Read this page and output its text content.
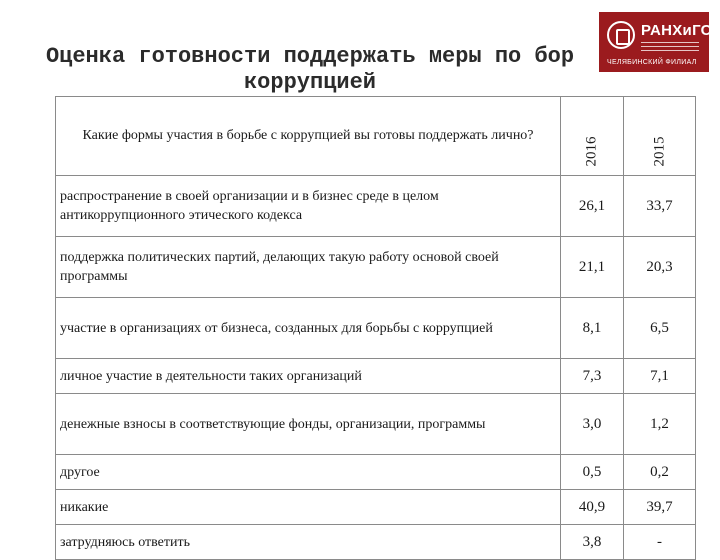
Оценка готовности поддержать меры по бор
коррупцией
РАНХиГС
ЧЕЛЯБИНСКИЙ ФИЛИАЛ
Какие формы участия в борьбе с коррупцией вы готовы поддержать лично?	2016	2015

распространение в своей организации и в бизнес среде в целом антикоррупционного этического кодекса	26,1	33,7
поддержка политических партий, делающих такую работу основой своей программы	21,1	20,3
участие в организациях от бизнеса, созданных для борьбы с коррупцией	8,1	6,5
личное участие в деятельности таких организаций	7,3	7,1
денежные взносы в соответствующие фонды, организации, программы	3,0	1,2
другое	0,5	0,2
никакие	40,9	39,7
затрудняюсь ответить	3,8	-
